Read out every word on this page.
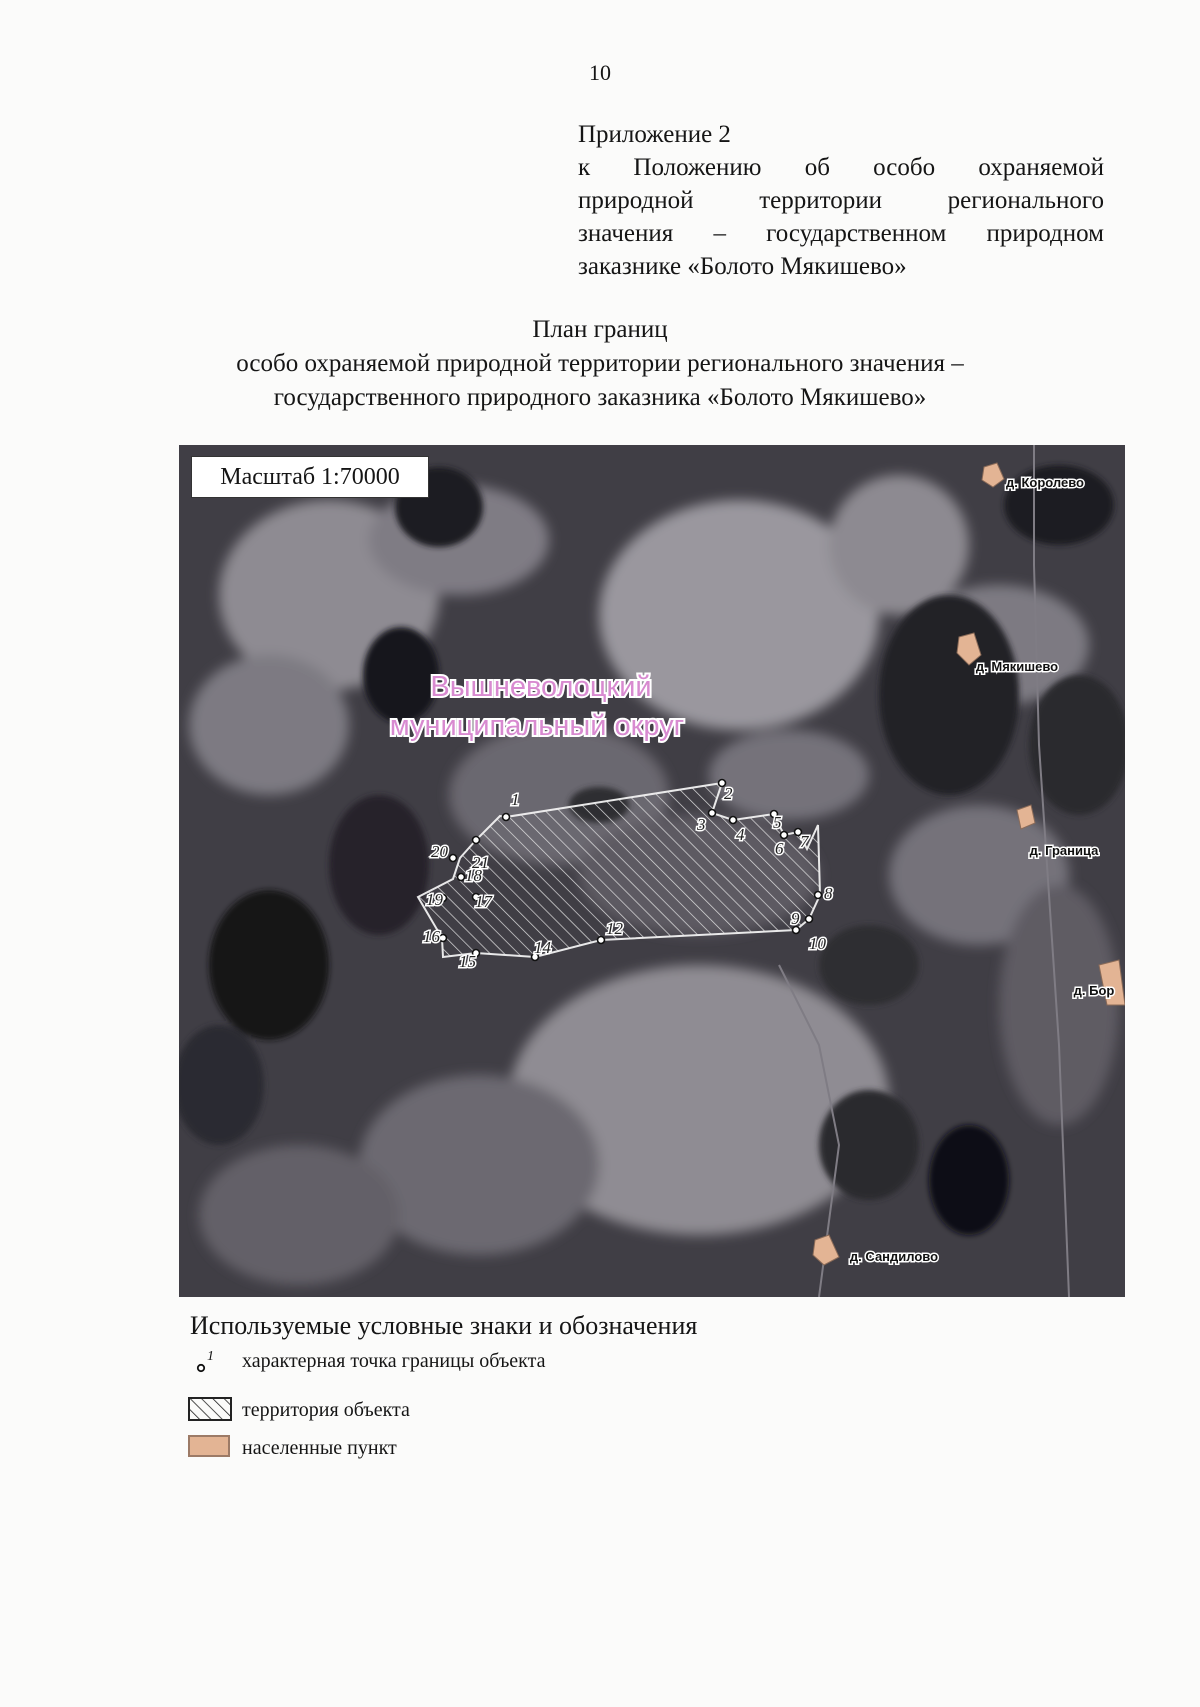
10
Приложение 2
к Положению об особо охраняемой
природной территории регионального
значения – государственном природном
заказнике «Болото Мякишево»
План границ
особо охраняемой природной территории регионального значения –
государственного природного заказника «Болото Мякишево»
1	2
3
4
5
6 7
8
9
10
12
14
15
16
17
18
19
20
21
Вышневолоцкий
муниципальный округ
д. Королево
д. Мякишево
д. Граница
д. Бор
д. Сандилово
Масштаб 1:70000
Используемые условные знаки и обозначения
1 характерная точка границы объекта
территория объекта
населенные пункт
